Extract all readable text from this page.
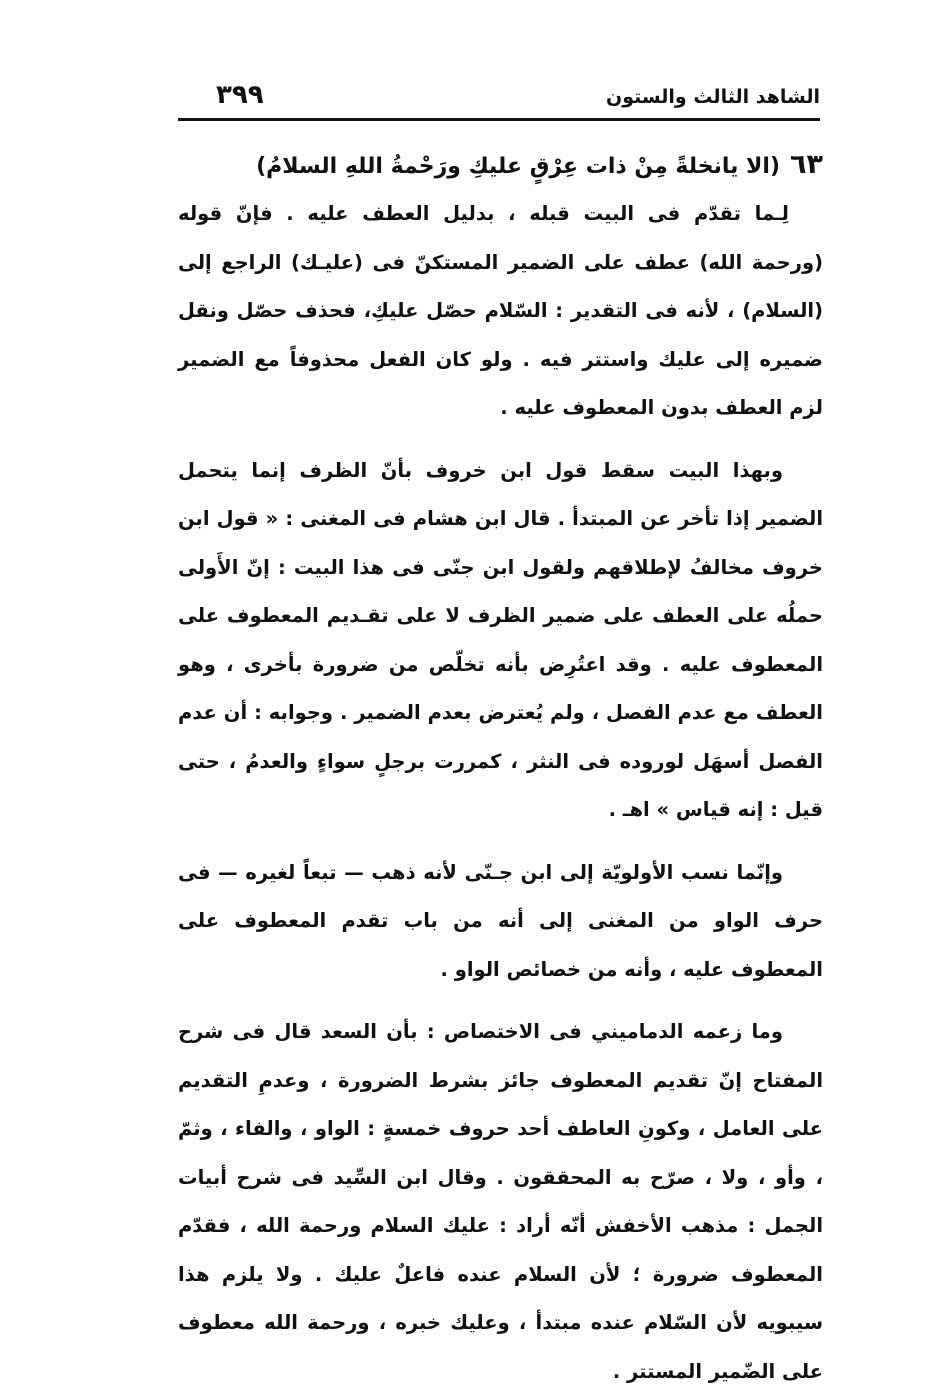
الشاهد الثالث والستون
٣٩٩
٦٣(الا يانخلةً مِنْ ذات عِرْقٍ عليكِ ورَحْمةُ اللهِ السلامُ)

لِـما تقدّم فى البيت قبله ، بدليل العطف عليه . فإنّ قوله (ورحمة الله) عطف على الضمير المستكنّ فى (عليـك) الراجع إلى (السلام) ، لأنه فى التقدير : السّلام حصّل عليكِ، فحذف حصّل ونقل ضميره إلى عليك واستتر فيه . ولو كان الفعل محذوفاً مع الضمير لزم العطف بدون المعطوف عليه .

وبهذا البيت سقط قول ابن خروف بأنّ الظرف إنما يتحمل الضمير إذا تأخر عن المبتدأ . قال ابن هشام فى المغنى : « قول ابن خروف مخالفُ لإطلاقهم ولقول ابن جنّى فى هذا البيت : إنّ الأَولى حملُه على العطف على ضمير الظرف لا على تقـديم المعطوف على المعطوف عليه . وقد اعتُرِض بأنه تخلّص من ضرورة بأخرى ، وهو العطف مع عدم الفصل ، ولم يُعترض بعدم الضمير . وجوابه : أن عدم الفصل أسهَل لوروده فى النثر ، كمررت برجلٍ سواءٍ والعدمُ ، حتى قيل : إنه قياس » اهـ .

وإنّما نسب الأولويّة إلى ابن جـنّى لأنه ذهب — تبعاً لغيره — فى حرف الواو من المغنى إلى أنه من باب تقدم المعطوف على المعطوف عليه ، وأنه من خصائص الواو .

وما زعمه الدماميني فى الاختصاص : بأن السعد قال فى شرح المفتاح إنّ تقديم المعطوف جائز بشرط الضرورة ، وعدمِ التقديم على العامل ، وكونِ العاطف أحد حروف خمسةٍ : الواو ، والفاء ، وثمّ ، وأو ، ولا ، صرّح به المحققون . وقال ابن السِّيد فى شرح أبيات الجمل : مذهب الأخفش أنّه أراد : عليك السلام ورحمة الله ، فقدّم المعطوف ضرورة ؛ لأن السلام عنده فاعلٌ عليك . ولا يلزم هذا سيبويه لأن السّلام عنده مبتدأ ، وعليك خبره ، ورحمة الله معطوف على الضّمير المستتر .
